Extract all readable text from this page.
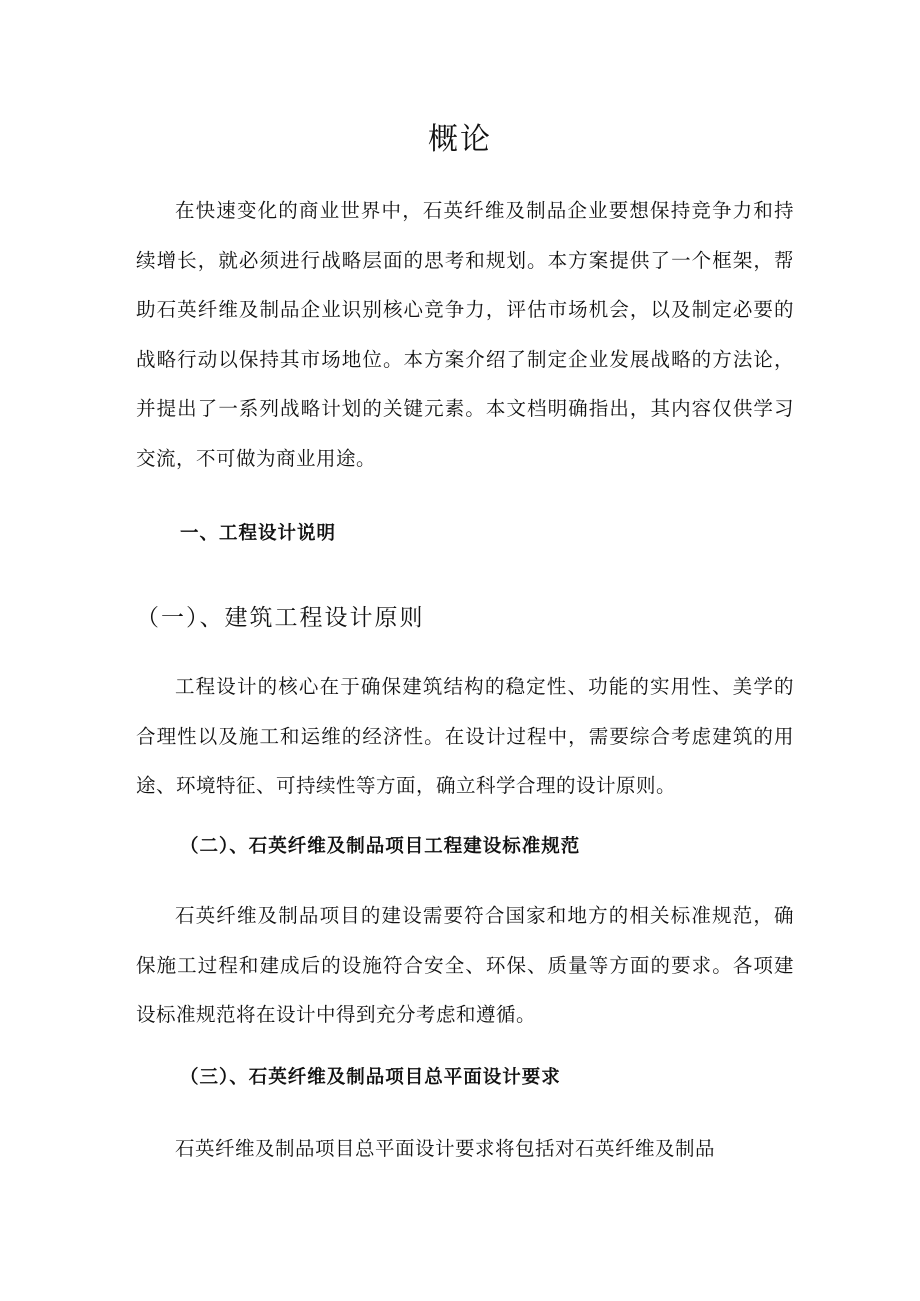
概论

在快速变化的商业世界中，石英纤维及制品企业要想保持竞争力和持续增长，就必须进行战略层面的思考和规划。本方案提供了一个框架，帮助石英纤维及制品企业识别核心竞争力，评估市场机会，以及制定必要的战略行动以保持其市场地位。本方案介绍了制定企业发展战略的方法论，并提出了一系列战略计划的关键元素。本文档明确指出，其内容仅供学习交流，不可做为商业用途。

一、工程设计说明
（一）、建筑工程设计原则

工程设计的核心在于确保建筑结构的稳定性、功能的实用性、美学的合理性以及施工和运维的经济性。在设计过程中，需要综合考虑建筑的用途、环境特征、可持续性等方面，确立科学合理的设计原则。

（二）、石英纤维及制品项目工程建设标准规范

石英纤维及制品项目的建设需要符合国家和地方的相关标准规范，确保施工过程和建成后的设施符合安全、环保、质量等方面的要求。各项建设标准规范将在设计中得到充分考虑和遵循。

（三）、石英纤维及制品项目总平面设计要求

石英纤维及制品项目总平面设计要求将包括对石英纤维及制品
